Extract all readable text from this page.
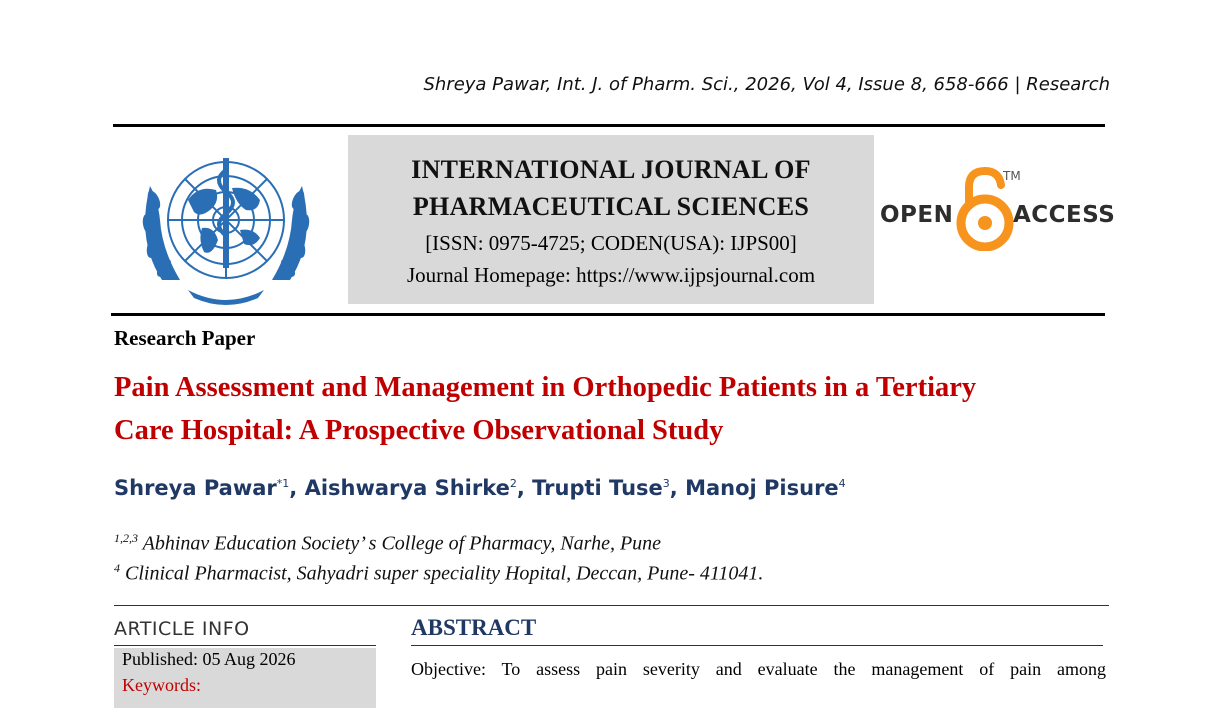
Shreya Pawar, Int. J. of Pharm. Sci., 2026, Vol 4, Issue 8, 658-666 | Research
INTERNATIONAL JOURNAL OF
PHARMACEUTICAL SCIENCES
[ISSN: 0975-4725; CODEN(USA): IJPS00]
Journal Homepage: https://www.ijpsjournal.com
OPEN
TM
ACCESS
Research Paper
Pain Assessment and Management in Orthopedic Patients in a Tertiary
Care Hospital: A Prospective Observational Study
Shreya Pawar$^{*1}$, Aishwarya Shirke$^2$, Trupti Tuse$^3$, Manoj Pisure$^4$
$^{1,2,3}$ Abhinav Education Society’ s College of Pharmacy, Narhe, Pune
$^4$ Clinical Pharmacist, Sahyadri super speciality Hopital, Deccan, Pune- 411041.
ARTICLE INFO
Published: 05 Aug 2026
Keywords:
ABSTRACT
Objective: To assess pain severity and evaluate the management of pain among
